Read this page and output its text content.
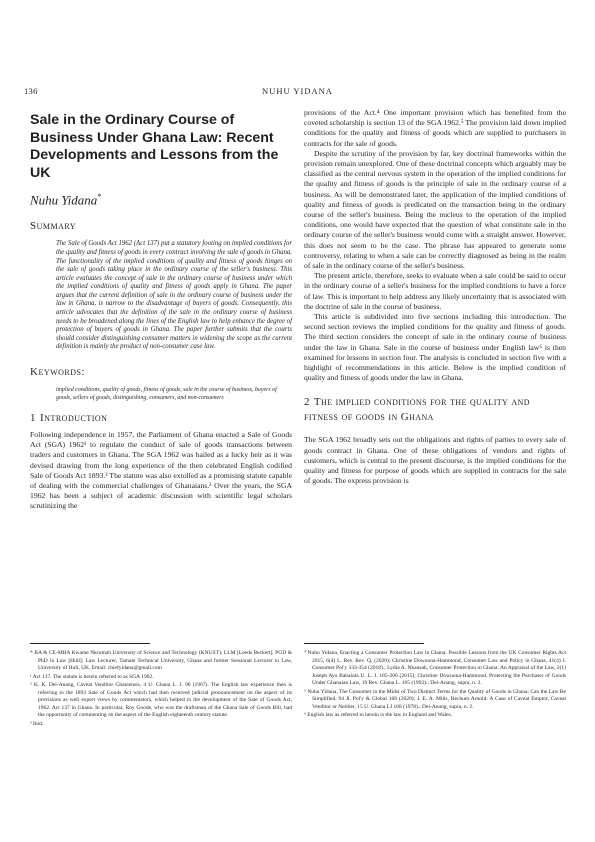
136	NUHU YIDANA
Sale in the Ordinary Course of Business Under Ghana Law: Recent Developments and Lessons from the UK
Nuhu Yidana*
Summary

The Sale of Goods Act 1962 (Act 137) put a statutory footing on implied conditions for the quality and fitness of goods in every contract involving the sale of goods in Ghana. The functionality of the implied conditions of quality and fitness of goods hinges on the sale of goods taking place in the ordinary course of the seller's business. This article evaluates the concept of sale in the ordinary course of business under which the implied conditions of quality and fitness of goods apply in Ghana. The paper argues that the current definition of sale in the ordinary course of business under the law in Ghana, is narrow to the disadvantage of buyers of goods. Consequently, this article advocates that the definition of the sale in the ordinary course of business needs to be broadened along the lines of the English law to help enhance the degree of protection of buyers of goods in Ghana. The paper further submits that the courts should consider distinguishing consumer matters in widening the scope as the current definition is mainly the product of non-consumer case law.

Keywords:

implied conditions, quality of goods, fitness of goods, sale in the course of business, buyers of goods, sellers of goods, distinguishing, consumers, and non-consumers

1 Introduction

Following independence in 1957, the Parliament of Ghana enacted a Sale of Goods Act (SGA) 1962¹ to regulate the conduct of sale of goods transactions between traders and customers in Ghana. The SGA 1962 was hailed as a lucky heir as it was devised drawing from the long experience of the then celebrated English codified Sale of Goods Act 1893.² The statute was also extolled as a promising statute capable of dealing with the commercial challenges of Ghanaians.³ Over the years, the SGA 1962 has been a subject of academic discussion with scientific legal scholars scrutinizing the

provisions of the Act.⁴ One important provision which has benefited from the coveted scholarship is section 13 of the SGA 1962.⁵ The provision laid down implied conditions for the quality and fitness of goods which are supplied to purchasers in contracts for the sale of goods.

Despite the scrutiny of the provision by far, key doctrinal frameworks within the provision remain unexplored. One of these doctrinal concepts which arguably may be classified as the central nervous system in the operation of the implied conditions for the quality and fitness of goods is the principle of sale in the ordinary course of a business. As will be demonstrated later, the application of the implied conditions of quality and fitness of goods is predicated on the transaction being in the ordinary course of the seller's business. Being the nucleus to the operation of the implied conditions, one would have expected that the question of what constitute sale in the ordinary course of the seller's business would come with a straight answer. However, this does not seem to be the case. The phrase has appeared to generate some controversy, relating to when a sale can be correctly diagnosed as being in the realm of sale in the ordinary course of the seller's business.

The present article, therefore, seeks to evaluate when a sale could be said to occur in the ordinary course of a seller's business for the implied conditions to have a force of law. This is important to help address any likely uncertainty that is associated with the doctrine of sale in the course of business.

This article is subdivided into five sections including this introduction. The second section reviews the implied conditions for the quality and fitness of goods. The third section considers the concept of sale in the ordinary course of business under the law in Ghana. Sale in the course of business under English law⁶ is then examined for lessons in section four. The analysis is concluded in section five with a highlight of recommendations in this article. Below is the implied condition of quality and fitness of goods under the law in Ghana.

2 The implied conditions for the quality and fitness of goods in Ghana

The SGA 1962 broadly sets out the obligations and rights of parties to every sale of goods contract in Ghana. One of these obligations of vendors and rights of customers, which is central to the present discourse, is the implied conditions for the quality and fitness for purpose of goods which are supplied in contracts for the sale of goods. The express provision is

* BA & CE-MBA Kwame Nkrumah University of Science and Technology (KNUST); LLM [Leeds Beckett]; PGD & PhD in Law [Hull]; Law Lecturer, Tamale Technical University, Ghana and former Sessional Lecturer in Law, University of Hull, UK. Email: chiefyidana@gmail.com

¹ Act 137. The statute is herein referred to as SGA 1962.

² K. K. Dei-Anang, Caveat Venditor Ghaniensis, 4 U. Ghana L. J. 90 (1967). The English law experience then is referring to the 1893 Sale of Goods Act which had then received judicial pronouncement on the aspect of its provisions as well expert views by commentators, which helped in the development of the Sale of Goods Act, 1962. Act 137 in Ghana. In particular, Roy Goode, who was the draftsman of the Ghana Sale of Goods Bill, had the opportunity of commenting on the aspect of the English eighteenth century statute.

³ Ibid.

⁴ Nuhu Yidana, Enacting a Consumer Protection Law in Ghana: Possible Lessons from the UK Consumer Rights Act 2015, 6(4) L. Rev. Rev. Q. (2020); Christine Dowuona-Hammond, Consumer Law and Policy in Ghana, 41(4) J. Consumer Pol'y 333-354 (2018).; Lydia A. Nkansah, Consumer Protection in Ghana: An Appraisal of the Law, 2(1) Joseph Ayo Babalola U. L. J. 185-200 (2015); Christine Dowuona-Hammond, Protecting the Purchaser of Goods Under Ghanaian Law, 19 Rev. Ghana L. 105 (1993).; Dei-Anang, supra, n. 2.

⁵ Nuhu Yidana, The Consumer in the Midst of Two Distinct Terms for the Quality of Goods in Ghana: Can the Law Be Simplified, 94 Jl. Pol'y & Global 168 (2020); J. E. A. Mills, Rechum Arnold: A Case of Caveat Emptor, Caveat Venditor or Neither, 15 U. Ghana LJ 168 (1978).; Dei-Anang, supra, n. 2.

⁶ English law as referred to herein is the law in England and Wales.
